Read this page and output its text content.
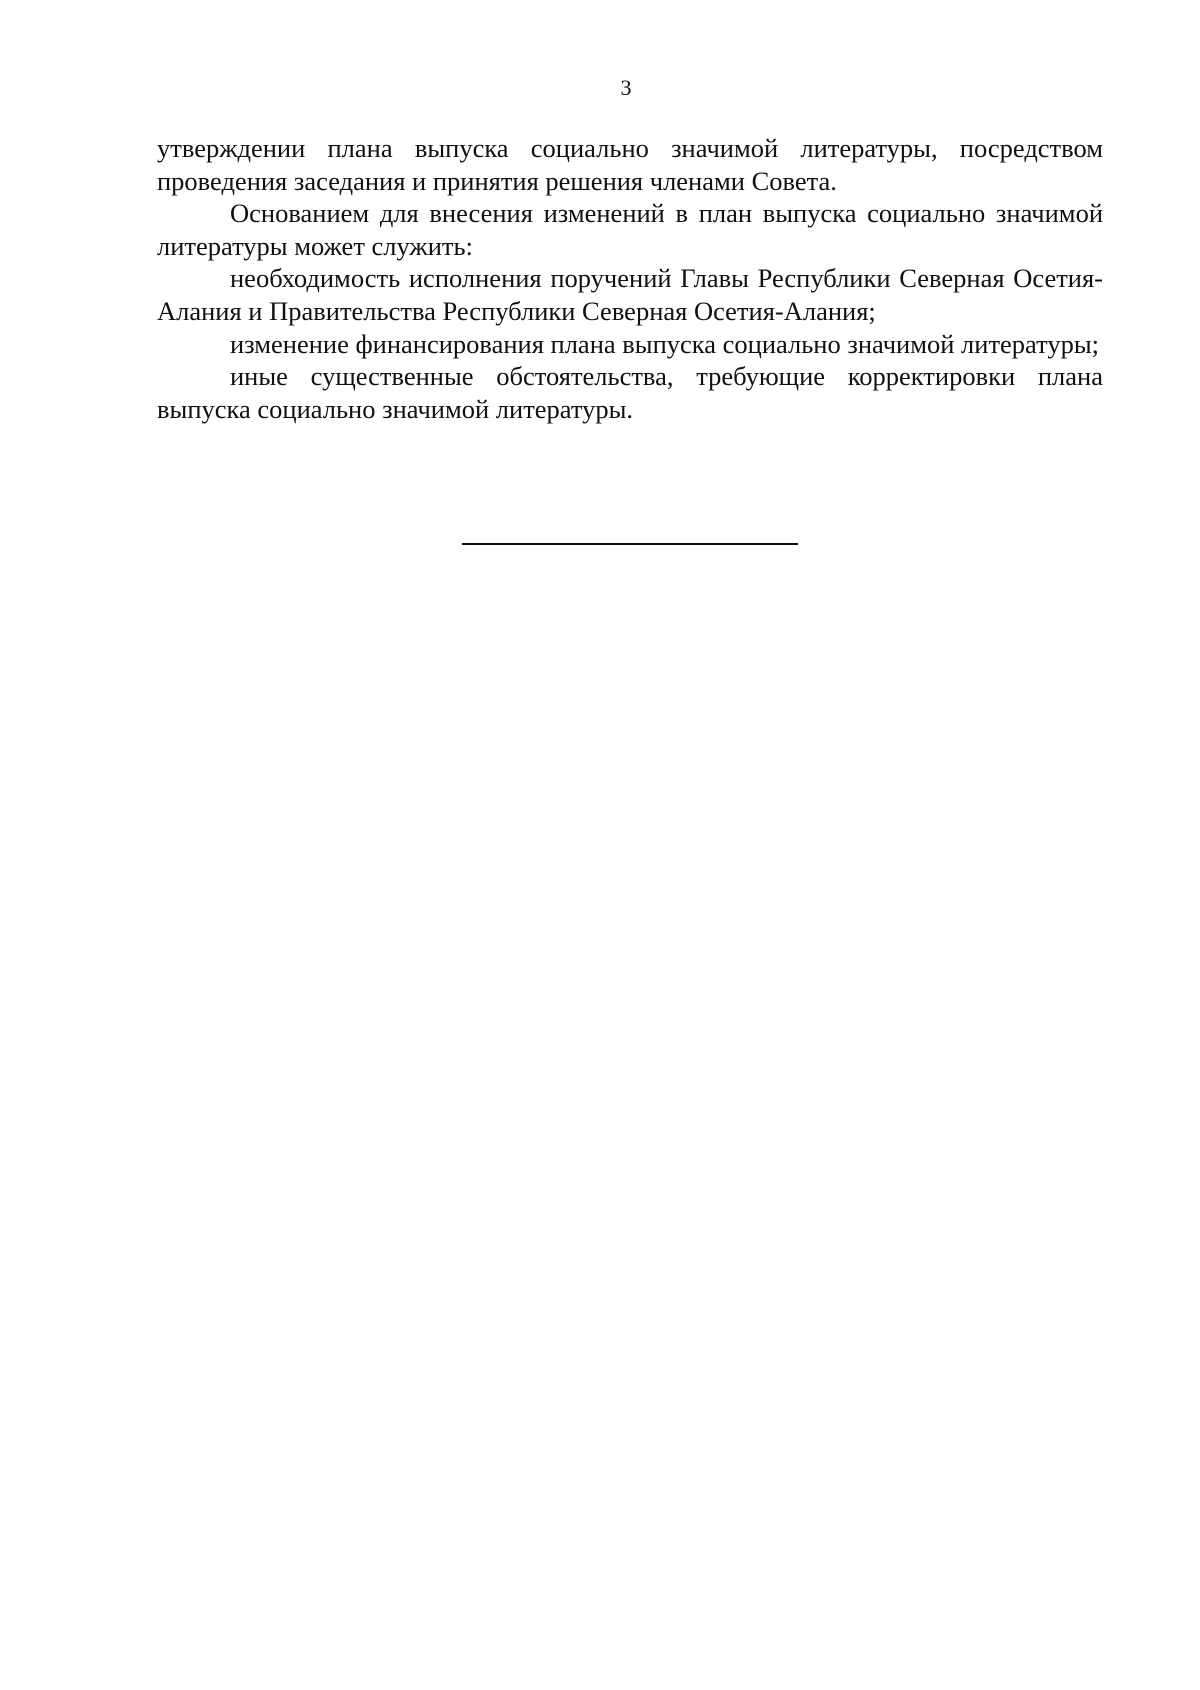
3

утверждении плана выпуска социально значимой литературы, посредством проведения заседания и принятия решения членами Совета.

Основанием для внесения изменений в план выпуска социально значимой литературы может служить:

необходимость исполнения поручений Главы Республики Северная Осетия-Алания и Правительства Республики Северная Осетия-Алания;

изменение финансирования плана выпуска социально значимой литературы;

иные существенные обстоятельства, требующие корректировки плана выпуска социально значимой литературы.
